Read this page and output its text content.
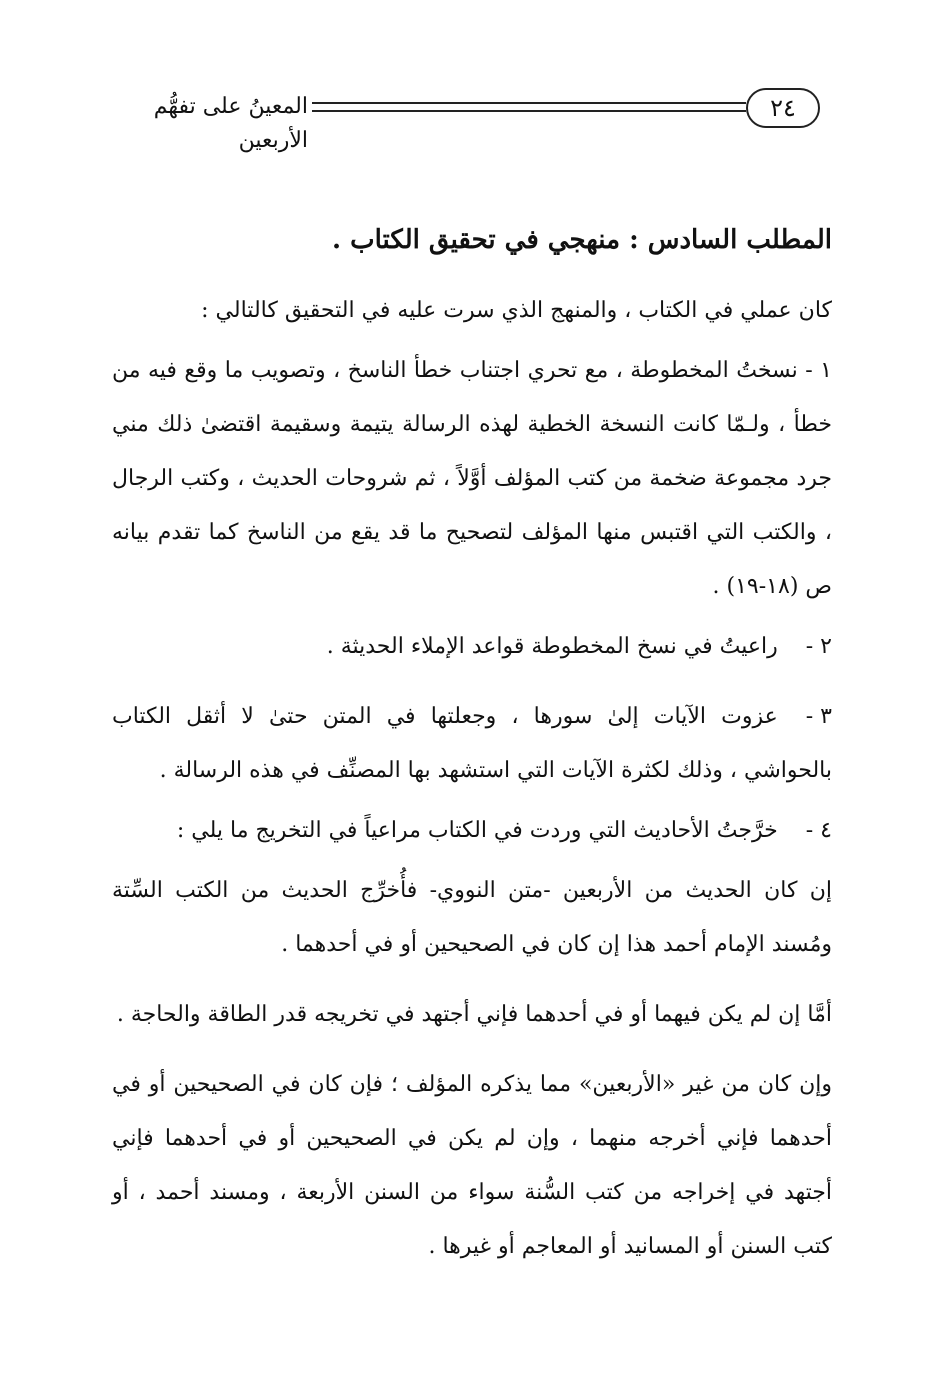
٢٤
المعينُ على تفهُّم الأربعين

المطلب السادس : منهجي في تحقيق الكتاب .

كان عملي في الكتاب ، والمنهج الذي سرت عليه في التحقيق كالتالي :

١ - نسختُ المخطوطة ، مع تحري اجتناب خطأ الناسخ ، وتصويب ما وقع فيه من خطأ ، ولـمّا كانت النسخة الخطية لهذه الرسالة يتيمة وسقيمة اقتضىٰ ذلك مني جرد مجموعة ضخمة من كتب المؤلف أوَّلاً ، ثم شروحات الحديث ، وكتب الرجال ، والكتب التي اقتبس منها المؤلف لتصحيح ما قد يقع من الناسخ كما تقدم بيانه ص (١٨-١٩) .

٢ -راعيتُ في نسخ المخطوطة قواعد الإملاء الحديثة .

٣ -عزوت الآيات إلىٰ سورها ، وجعلتها في المتن حتىٰ لا أثقل الكتاب بالحواشي ، وذلك لكثرة الآيات التي استشهد بها المصنِّف في هذه الرسالة .

٤ -خرَّجتُ الأحاديث التي وردت في الكتاب مراعياً في التخريج ما يلي :

إن كان الحديث من الأربعين -متن النووي- فأُخرِّج الحديث من الكتب السِّتة ومُسند الإمام أحمد هذا إن كان في الصحيحين أو في أحدهما .

أمَّا إن لم يكن فيهما أو في أحدهما فإني أجتهد في تخريجه قدر الطاقة والحاجة .

وإن كان من غير «الأربعين» مما يذكره المؤلف ؛ فإن كان في الصحيحين أو في أحدهما فإني أخرجه منهما ، وإن لم يكن في الصحيحين أو في أحدهما فإني أجتهد في إخراجه من كتب السُّنة سواء من السنن الأربعة ، ومسند أحمد ، أو كتب السنن أو المسانيد أو المعاجم أو غيرها .
